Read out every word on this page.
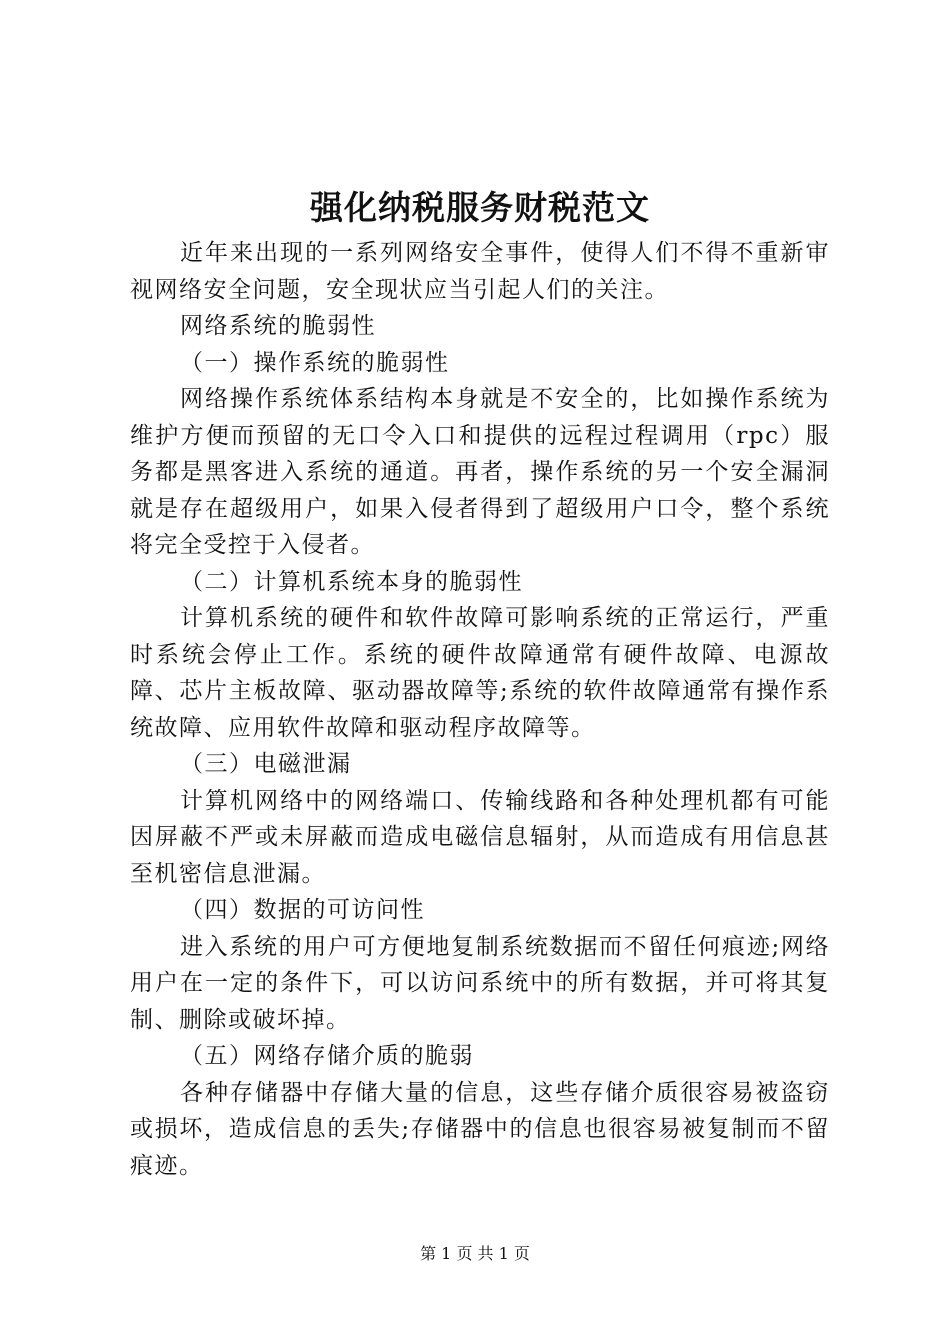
强化纳税服务财税范文

近年来出现的一系列网络安全事件，使得人们不得不重新审视网络安全问题，安全现状应当引起人们的关注。

网络系统的脆弱性

（一）操作系统的脆弱性

网络操作系统体系结构本身就是不安全的，比如操作系统为维护方便而预留的无口令入口和提供的远程过程调用（rpc）服务都是黑客进入系统的通道。再者，操作系统的另一个安全漏洞就是存在超级用户，如果入侵者得到了超级用户口令，整个系统将完全受控于入侵者。

（二）计算机系统本身的脆弱性

计算机系统的硬件和软件故障可影响系统的正常运行，严重时系统会停止工作。系统的硬件故障通常有硬件故障、电源故障、芯片主板故障、驱动器故障等;系统的软件故障通常有操作系统故障、应用软件故障和驱动程序故障等。

（三）电磁泄漏

计算机网络中的网络端口、传输线路和各种处理机都有可能因屏蔽不严或未屏蔽而造成电磁信息辐射，从而造成有用信息甚至机密信息泄漏。

（四）数据的可访问性

进入系统的用户可方便地复制系统数据而不留任何痕迹;网络用户在一定的条件下，可以访问系统中的所有数据，并可将其复制、删除或破坏掉。

（五）网络存储介质的脆弱

各种存储器中存储大量的信息，这些存储介质很容易被盗窃或损坏，造成信息的丢失;存储器中的信息也很容易被复制而不留痕迹。

第 1 页 共 1 页
